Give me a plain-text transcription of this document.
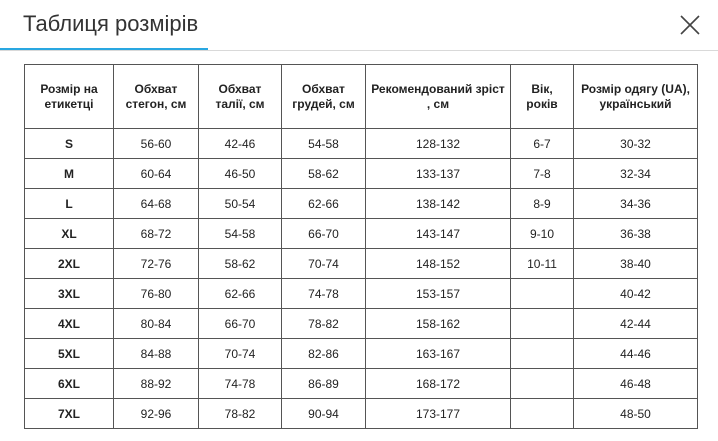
Таблиця розмірів
Розмір на етикетці	Обхват стегон, см	Обхват талії, см	Обхват грудей, см	Рекомендований зріст , см	Вік, років	Розмір одягу (UA), український
S	56-60	42-46	54-58	128-132	6-7	30-32
M	60-64	46-50	58-62	133-137	7-8	32-34
L	64-68	50-54	62-66	138-142	8-9	34-36
XL	68-72	54-58	66-70	143-147	9-10	36-38
2XL	72-76	58-62	70-74	148-152	10-11	38-40
3XL	76-80	62-66	74-78	153-157		40-42
4XL	80-84	66-70	78-82	158-162		42-44
5XL	84-88	70-74	82-86	163-167		44-46
6XL	88-92	74-78	86-89	168-172		46-48
7XL	92-96	78-82	90-94	173-177		48-50
